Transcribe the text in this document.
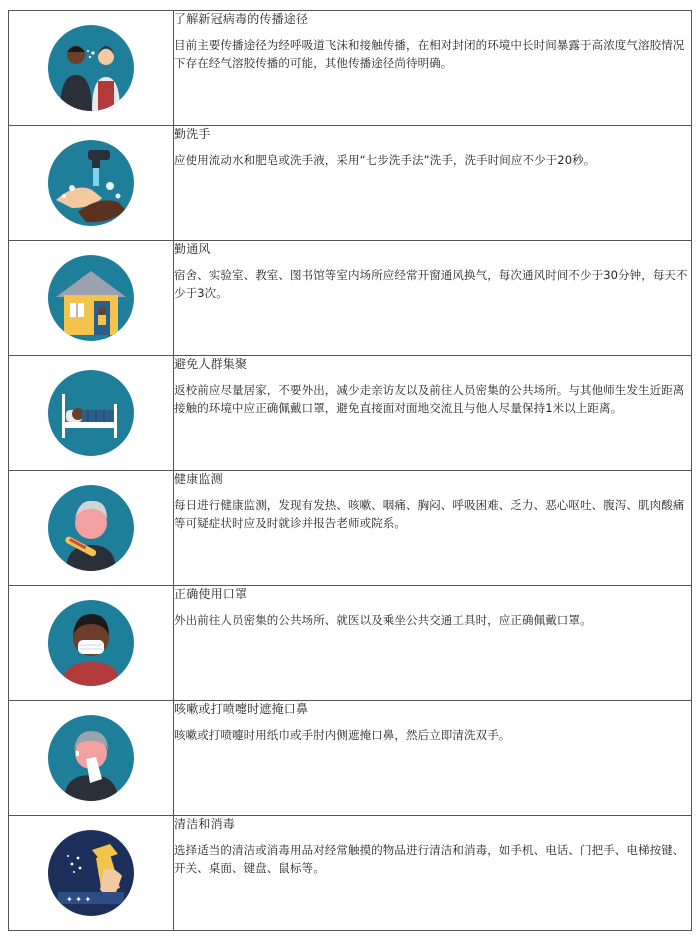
了解新冠病毒的传播途径

目前主要传播途径为经呼吸道飞沫和接触传播，在相对封闭的环境中长时间暴露于高浓度气溶胶情况下存在经气溶胶传播的可能，其他传播途径尚待明确。

勤洗手

应使用流动水和肥皂或洗手液，采用“七步洗手法”洗手，洗手时间应不少于20秒。

勤通风

宿舍、实验室、教室、图书馆等室内场所应经常开窗通风换气，每次通风时间不少于30分钟，每天不少于3次。

避免人群集聚

返校前应尽量居家，不要外出，减少走亲访友以及前往人员密集的公共场所。与其他师生发生近距离接触的环境中应正确佩戴口罩，避免直接面对面地交流且与他人尽量保持1米以上距离。

健康监测

每日进行健康监测，发现有发热、咳嗽、咽痛、胸闷、呼吸困难、乏力、恶心呕吐、腹泻、肌肉酸痛等可疑症状时应及时就诊并报告老师或院系。

正确使用口罩

外出前往人员密集的公共场所、就医以及乘坐公共交通工具时，应正确佩戴口罩。

咳嗽或打喷嚏时遮掩口鼻

咳嗽或打喷嚏时用纸巾或手肘内侧遮掩口鼻，然后立即清洗双手。

✦ ✦ ✦	清洁和消毒

选择适当的清洁或消毒用品对经常触摸的物品进行清洁和消毒，如手机、电话、门把手、电梯按键、开关、桌面、键盘、鼠标等。
